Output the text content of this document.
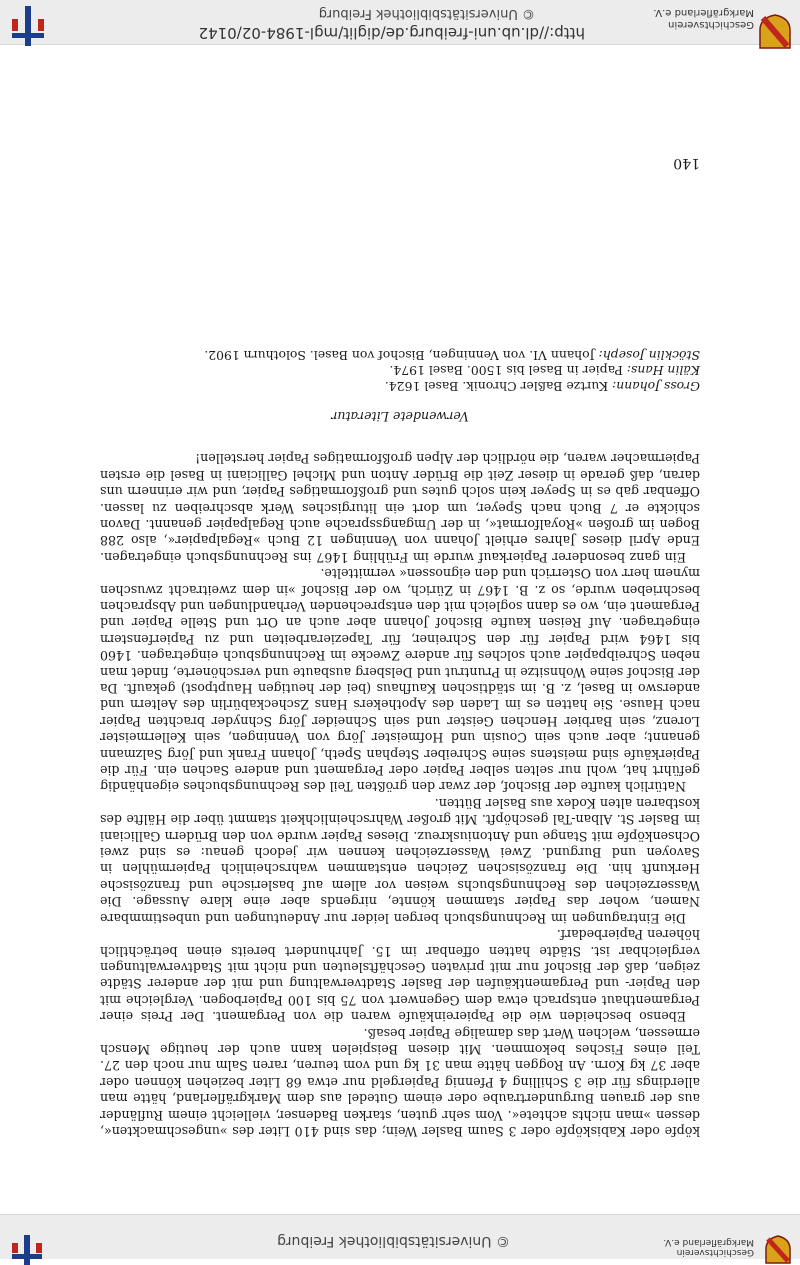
Geschichtsverein Markgräflerland e.V.
© Universitätsbibliothek Freiburg

köpfe oder Kabisköpfe oder 3 Saum Basler Wein; das sind 410 Liter des »ungeschmackten«, dessen »man nichts achtete«. Vom sehr guten, starken Badenser, vielleicht einem Rufländer aus der grauen Burgundertraube oder einem Gutedel aus dem Markgräflerland, hätte man allerdings für die 3 Schilling 4 Pfennig Papiergeld nur etwa 68 Liter beziehen können oder aber 37 kg Korn. An Roggen hätte man 31 kg und vom teuren, raren Salm nur noch den 27. Teil eines Fisches bekommen. Mit diesen Beispielen kann auch der heutige Mensch ermessen, welchen Wert das damalige Papier besaß.

Ebenso bescheiden wie die Papiereinkäufe waren die von Pergament. Der Preis einer Pergamenthaut entsprach etwa dem Gegenwert von 75 bis 100 Papierbogen. Vergleiche mit den Papier- und Pergamentkäufen der Basler Stadtverwaltung und mit der anderer Städte zeigen, daß der Bischof nur mit privaten Geschäftsleuten und nicht mit Stadtverwaltungen vergleichbar ist. Städte hatten offenbar im 15. Jahrhundert bereits einen beträchtlich höheren Papierbedarf.

Die Eintragungen im Rechnungsbuch bergen leider nur Andeutungen und unbestimmbare Namen, woher das Papier stammen könnte, nirgends aber eine klare Aussage. Die Wasserzeichen des Rechnungsbuchs weisen vor allem auf baslerische und französische Herkunft hin. Die französischen Zeichen entstammen wahrscheinlich Papiermühlen in Savoyen und Burgund. Zwei Wasserzeichen kennen wir jedoch genau: es sind zwei Ochsenköpfe mit Stange und Antoniuskreuz. Dieses Papier wurde von den Brüdern Galliciani im Basler St. Alban-Tal geschöpft. Mit großer Wahrscheinlichkeit stammt über die Hälfte des kostbaren alten Kodex aus Basler Bütten.

Natürlich kaufte der Bischof, der zwar den größten Teil des Rechnungsbuches eigenhändig geführt hat, wohl nur selten selber Papier oder Pergament und andere Sachen ein. Für die Papierkäufe sind meistens seine Schreiber Stephan Speth, Johann Frank und Jörg Salzmann genannt; aber auch sein Cousin und Hofmeister Jörg von Venningen, sein Kellermeister Lorenz, sein Barbier Henchen Geister und sein Schneider Jörg Schnyder brachten Papier nach Hause. Sie hatten es im Laden des Apothekers Hans Zscheckabürlin des Aeltern und anderswo in Basel, z. B. im städtischen Kaufhaus (bei der heutigen Hauptpost) gekauft. Da der Bischof seine Wohnsitze in Pruntrut und Delsberg ausbaute und verschönerte, findet man neben Schreibpapier auch solches für andere Zwecke im Rechnungsbuch eingetragen. 1460 bis 1464 wird Papier für den Schreiner, für Tapezierarbeiten und zu Papierfenstern eingetragen. Auf Reisen kaufte Bischof Johann aber auch an Ort und Stelle Papier und Pergament ein, wo es dann sogleich mit den entsprechenden Verhandlungen und Absprachen beschrieben wurde, so z. B. 1467 in Zürich, wo der Bischof »in dem zweitracht zwuschen mynem herr von Osterrich und den eignossen« vermittelte.

Ein ganz besonderer Papierkauf wurde im Frühling 1467 ins Rechnungsbuch eingetragen. Ende April dieses Jahres erhielt Johann von Venningen 12 Buch »Regalpapier«, also 288 Bogen im großen »Royalformat«, in der Umgangssprache auch Regalpapier genannt. Davon schickte er 7 Buch nach Speyer, um dort ein liturgisches Werk abschreiben zu lassen. Offenbar gab es in Speyer kein solch gutes und großformatiges Papier, und wir erinnern uns daran, daß gerade in dieser Zeit die Brüder Anton und Michel Galliciani in Basel die ersten Papiermacher waren, die nördlich der Alpen großformatiges Papier herstellen!

Verwendete Literatur

Gross Johann: Kurtze Baßler Chronik. Basel 1624.

Kälin Hans: Papier in Basel bis 1500. Basel 1974.

Stöcklin Joseph: Johann VI. von Venningen, Bischof von Basel. Solothurn 1902.

140
Geschichtsverein Markgräflerland e.V.
http://dl.ub.uni-freiburg.de/diglit/mgl-1984-02/0142
© Universitätsbibliothek Freiburg
